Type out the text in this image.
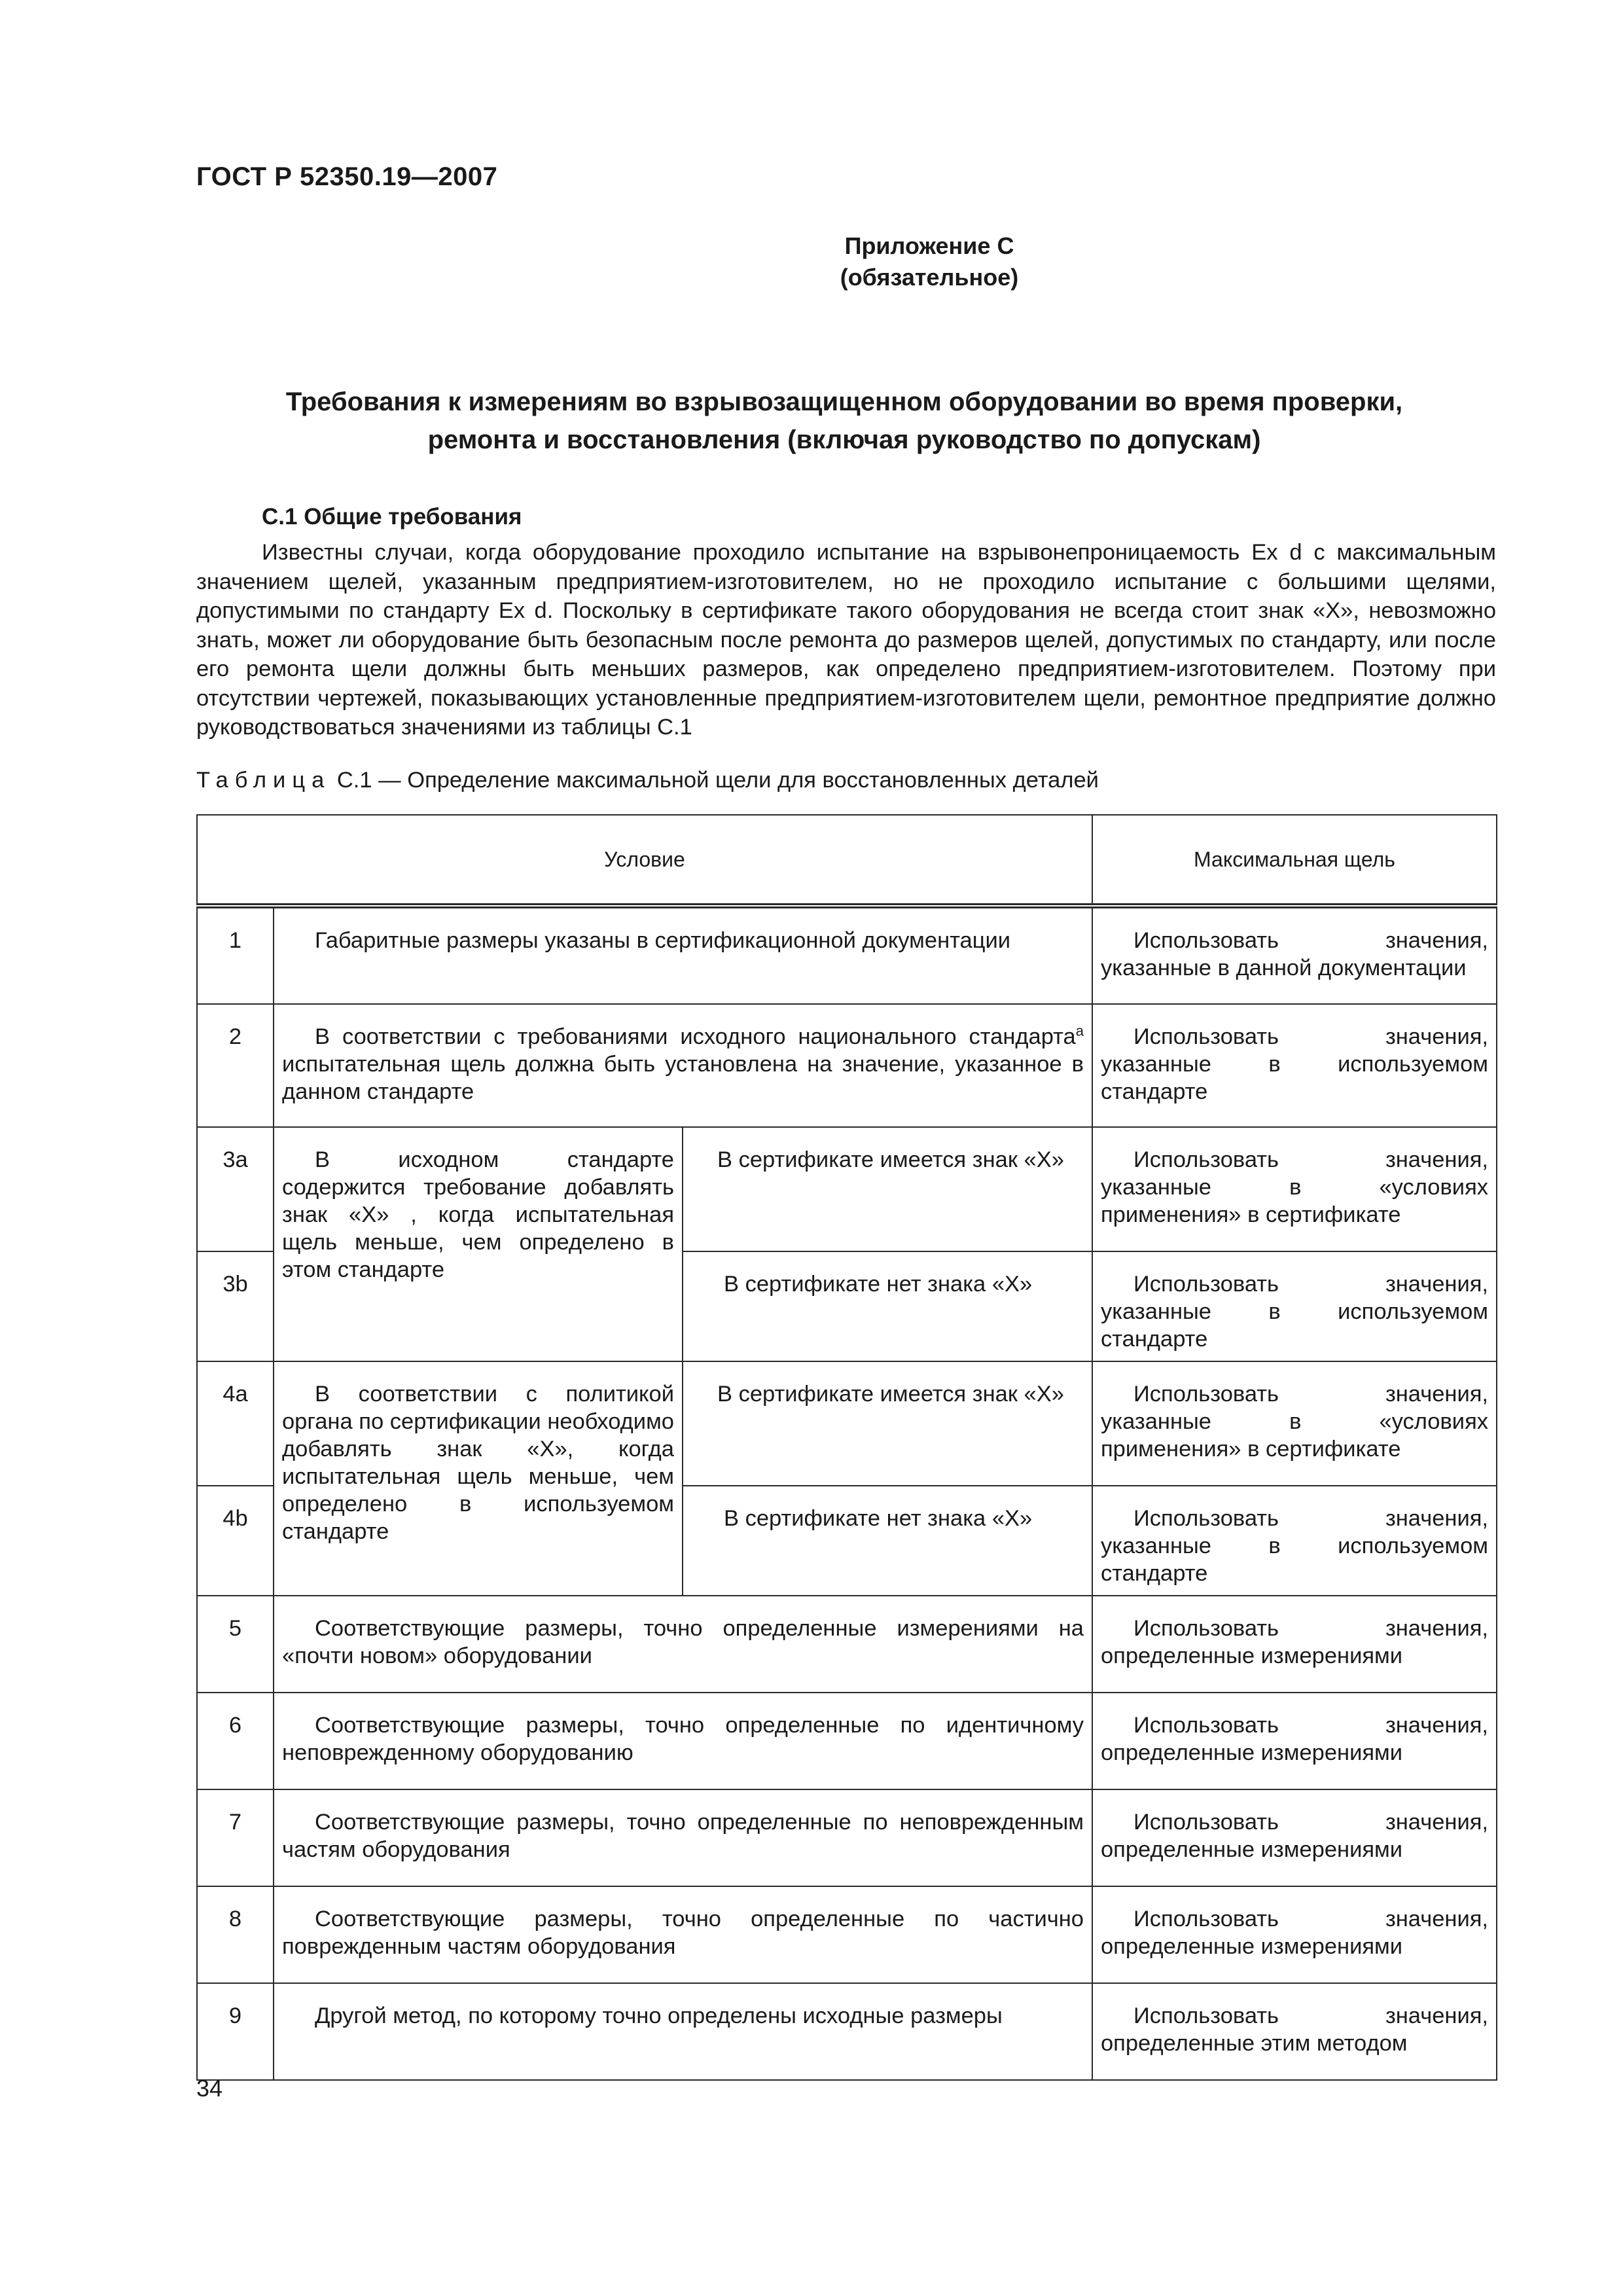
ГОСТ Р 52350.19—2007
Приложение С
(обязательное)
Требования к измерениям во взрывозащищенном оборудовании во время проверки,
ремонта и восстановления (включая руководство по допускам)
С.1 Общие требования

Известны случаи, когда оборудование проходило испытание на взрывонепроницаемость Ex d с максимальным значением щелей, указанным предприятием-изготовителем, но не проходило испытание с большими щелями, допустимыми по стандарту Ex d. Поскольку в сертификате такого оборудования не всегда стоит знак «Х», невозможно знать, может ли оборудование быть безопасным после ремонта до размеров щелей, допустимых по стандарту, или после его ремонта щели должны быть меньших размеров, как определено предприятием-изготовителем. Поэтому при отсутствии чертежей, показывающих установленные предприятием-изготовителем щели, ремонтное предприятие должно руководствоваться значениями из таблицы С.1

Таблица С.1 — Определение максимальной щели для восстановленных деталей
Условие			Максимальная щель
1	Габаритные размеры указаны в сертификационной документации		Использовать значения, указанные в данной документации
2	В соответствии с требованиями исходного национального стандарта$^a$ испытательная щель должна быть установлена на значение, указанное в данном стандарте		Использовать значения, указанные в используемом стандарте
3a	В исходном стандарте содержится требование добавлять знак «Х» , когда испытательная щель меньше, чем определено в этом стандарте	В сертификате имеется знак «Х»	Использовать значения, указанные в «условиях применения» в сертификате
3b		В сертификате нет знака «Х»	Использовать значения, указанные в используемом стандарте
4a	В соответствии с политикой органа по сертификации необходимо добавлять знак «Х», когда испытательная щель меньше, чем определено в используемом стандарте	В сертификате имеется знак «Х»	Использовать значения, указанные в «условиях применения» в сертификате
4b		В сертификате нет знака «Х»	Использовать значения, указанные в используемом стандарте
5	Соответствующие размеры, точно определенные измерениями на «почти новом» оборудовании		Использовать значения, определенные измерениями
6	Соответствующие размеры, точно определенные по идентичному неповрежденному оборудованию		Использовать значения, определенные измерениями
7	Соответствующие размеры, точно определенные по неповрежденным частям оборудования		Использовать значения, определенные измерениями
8	Соответствующие размеры, точно определенные по частично поврежденным частям оборудования		Использовать значения, определенные измерениями
9	Другой метод, по которому точно определены исходные размеры		Использовать значения, определенные этим методом
34
